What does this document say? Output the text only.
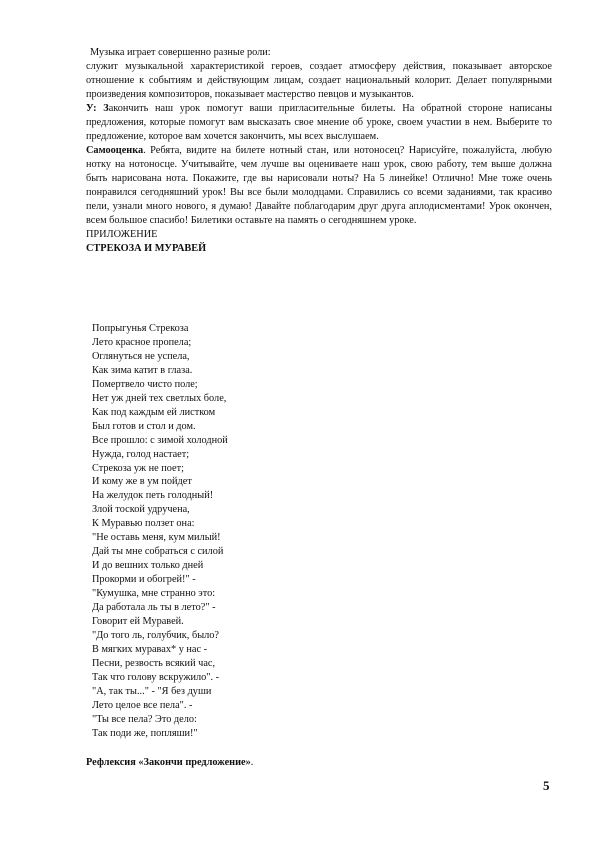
Музыка играет совершенно разные роли:

служит музыкальной характеристикой героев, создает атмосферу действия, показывает авторское отношение к событиям и действующим лицам, создает национальный колорит. Делает популярными произведения композиторов, показывает мастерство певцов и музыкантов.

У: Закончить наш урок помогут ваши пригласительные билеты. На обратной стороне написаны предложения, которые помогут вам высказать свое мнение об уроке, своем участии в нем. Выберите то предложение, которое вам хочется закончить, мы всех выслушаем.

Самооценка. Ребята, видите на билете нотный стан, или нотоносец? Нарисуйте, пожалуйста, любую нотку на нотоносце. Учитывайте, чем лучше вы оцениваете наш урок, свою работу, тем выше должна быть нарисована нота. Покажите, где вы нарисовали ноты? На 5 линейке! Отлично! Мне тоже очень понравился сегодняшний урок! Вы все были молодцами. Справились со всеми заданиями, так красиво пели, узнали много нового, я думаю! Давайте поблагодарим друг друга аплодисментами! Урок окончен, всем большое спасибо! Билетики оставьте на память о сегодняшнем уроке.

ПРИЛОЖЕНИЕ

СТРЕКОЗА И МУРАВЕЙ

Попрыгунья Стрекоза
Лето красное пропела;
Оглянуться не успела,
Как зима катит в глаза.
Помертвело чисто поле;
Нет уж дней тех светлых боле,
Как под каждым ей листком
Был готов и стол и дом.
Все прошло: с зимой холодной
Нужда, голод настает;
Стрекоза уж не поет;
И кому же в ум пойдет
На желудок петь голодный!
Злой тоской удручена,
К Муравью ползет она:
"Не оставь меня, кум милый!
Дай ты мне собраться с силой
И до вешних только дней
Прокорми и обогрей!" -
"Кумушка, мне странно это:
Да работала ль ты в лето?" -
Говорит ей Муравей.
"До того ль, голубчик, было?
В мягких муравах* у нас -
Песни, резвость всякий час,
Так что голову вскружило". -
"А, так ты..." - "Я без души
Лето целое все пела". -
"Ты все пела? Это дело:
Так поди же, попляши!"
Рефлексия «Закончи предложение».
5
